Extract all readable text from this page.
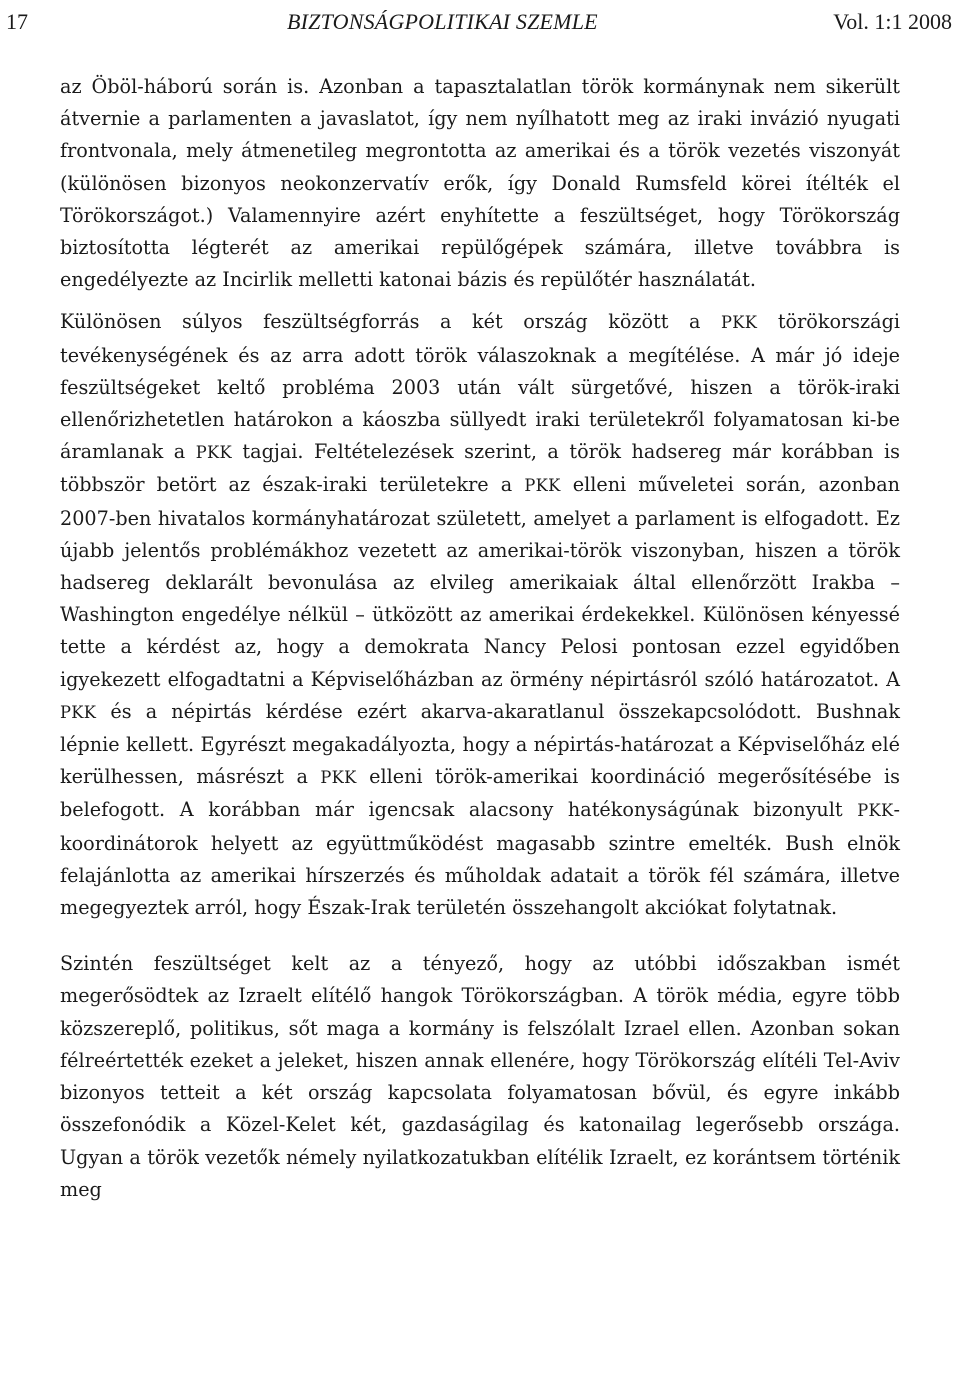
17	BIZTONSÁGPOLITIKAI SZEMLE	Vol. 1:1 2008

az Öböl-háború során is. Azonban a tapasztalatlan török kormánynak nem sikerült átvernie a parlamenten a javaslatot, így nem nyílhatott meg az iraki invázió nyugati frontvonala, mely átmenetileg megrontotta az amerikai és a török vezetés viszonyát (különösen bizonyos neokonzervatív erők, így Donald Rumsfeld körei ítélték el Törökországot.) Valamennyire azért enyhítette a feszültséget, hogy Törökország biztosította légterét az amerikai repülőgépek számára, illetve továbbra is engedélyezte az Incirlik melletti katonai bázis és repülőtér használatát.

Különösen súlyos feszültségforrás a két ország között a PKK törökországi tevékenységének és az arra adott török válaszoknak a megítélése. A már jó ideje feszültségeket keltő probléma 2003 után vált sürgetővé, hiszen a török-iraki ellenőrizhetetlen határokon a káoszba süllyedt iraki területekről folyamatosan ki-be áramlanak a PKK tagjai. Feltételezések szerint, a török hadsereg már korábban is többször betört az észak-iraki területekre a PKK elleni műveletei során, azonban 2007-ben hivatalos kormányhatározat született, amelyet a parlament is elfogadott. Ez újabb jelentős problémákhoz vezetett az amerikai-török viszonyban, hiszen a török hadsereg deklarált bevonulása az elvileg amerikaiak által ellenőrzött Irakba – Washington engedélye nélkül – ütközött az amerikai érdekekkel. Különösen kényessé tette a kérdést az, hogy a demokrata Nancy Pelosi pontosan ezzel egyidőben igyekezett elfogadtatni a Képviselőházban az örmény népirtásról szóló határozatot. A PKK és a népirtás kérdése ezért akarva-akaratlanul összekapcsolódott. Bushnak lépnie kellett. Egyrészt megakadályozta, hogy a népirtás-határozat a Képviselőház elé kerülhessen, másrészt a PKK elleni török-amerikai koordináció megerősítésébe is belefogott. A korábban már igencsak alacsony hatékonyságúnak bizonyult PKK-koordinátorok helyett az együttműködést magasabb szintre emelték. Bush elnök felajánlotta az amerikai hírszerzés és műholdak adatait a török fél számára, illetve megegyeztek arról, hogy Észak-Irak területén összehangolt akciókat folytatnak.

Szintén feszültséget kelt az a tényező, hogy az utóbbi időszakban ismét megerősödtek az Izraelt elítélő hangok Törökországban. A török média, egyre több közszereplő, politikus, sőt maga a kormány is felszólalt Izrael ellen. Azonban sokan félreértették ezeket a jeleket, hiszen annak ellenére, hogy Törökország elítéli Tel-Aviv bizonyos tetteit a két ország kapcsolata folyamatosan bővül, és egyre inkább összefonódik a Közel-Kelet két, gazdaságilag és katonailag legerősebb országa. Ugyan a török vezetők némely nyilatkozatukban elítélik Izraelt, ez korántsem történik meg
